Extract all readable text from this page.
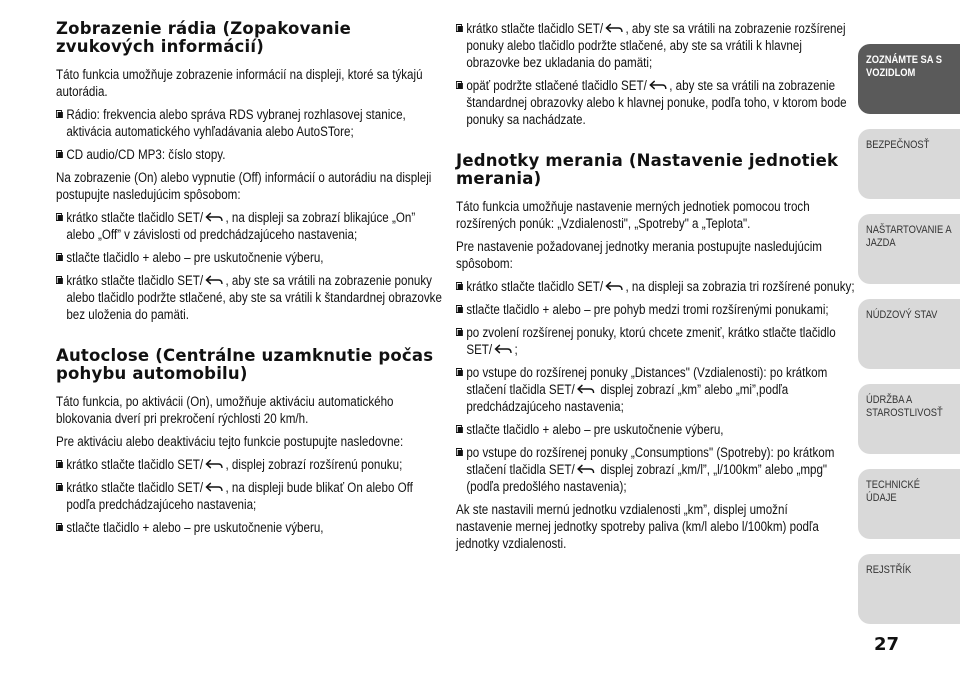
Zobrazenie rádia (Zopakovanie zvukových informácií)

Táto funkcia umožňuje zobrazenie informácií na displeji, ktoré sa týkajú autorádia.

Rádio: frekvencia alebo správa RDS vybranej rozhlasovej stanice, aktivácia automatického vyhľadávania alebo AutoSTore;
CD audio/CD MP3: číslo stopy.

Na zobrazenie (On) alebo vypnutie (Off) informácií o autorádiu na displeji postupujte nasledujúcim spôsobom:

krátko stlačte tlačidlo SET/ , na displeji sa zobrazí blikajúce „On” alebo „Off” v závislosti od predchádzajúceho nastavenia;
stlačte tlačidlo + alebo – pre uskutočnenie výberu,
krátko stlačte tlačidlo SET/ , aby ste sa vrátili na zobrazenie ponuky alebo tlačidlo podržte stlačené, aby ste sa vrátili k štandardnej obrazovke bez uloženia do pamäti.
Autoclose (Centrálne uzamknutie počas pohybu automobilu)

Táto funkcia, po aktivácii (On), umožňuje aktiváciu automatického blokovania dverí pri prekročení rýchlosti 20 km/h.

Pre aktiváciu alebo deaktiváciu tejto funkcie postupujte nasledovne:

krátko stlačte tlačidlo SET/ , displej zobrazí rozšírenú ponuku;
krátko stlačte tlačidlo SET/ , na displeji bude blikať On alebo Off podľa predchádzajúceho nastavenia;
stlačte tlačidlo + alebo – pre uskutočnenie výberu,
krátko stlačte tlačidlo SET/ , aby ste sa vrátili na zobrazenie rozšírenej ponuky alebo tlačidlo podržte stlačené, aby ste sa vrátili k hlavnej obrazovke bez ukladania do pamäti;
opäť podržte stlačené tlačidlo SET/ , aby ste sa vrátili na zobrazenie štandardnej obrazovky alebo k hlavnej ponuke, podľa toho, v ktorom bode ponuky sa nachádzate.
Jednotky merania (Nastavenie jednotiek merania)

Táto funkcia umožňuje nastavenie merných jednotiek pomocou troch rozšírených ponúk: „Vzdialenosti", „Spotreby" a „Teplota".

Pre nastavenie požadovanej jednotky merania postupujte nasledujúcim spôsobom:

krátko stlačte tlačidlo SET/ , na displeji sa zobrazia tri rozšírené ponuky;
stlačte tlačidlo + alebo – pre pohyb medzi tromi rozšírenými ponukami;
po zvolení rozšírenej ponuky, ktorú chcete zmeniť, krátko stlačte tlačidlo SET/ ;
po vstupe do rozšírenej ponuky „Distances" (Vzdialenosti): po krátkom stlačení tlačidla SET/ displej zobrazí „km” alebo „mi”,podľa predchádzajúceho nastavenia;
stlačte tlačidlo + alebo – pre uskutočnenie výberu,
po vstupe do rozšírenej ponuky „Consumptions" (Spotreby): po krátkom stlačení tlačidla SET/ displej zobrazí „km/l”, „l/100km” alebo „mpg" (podľa predošlého nastavenia);

Ak ste nastavili mernú jednotku vzdialenosti „km”, displej umožní nastavenie mernej jednotky spotreby paliva (km/l alebo l/100km) podľa jednotky vzdialenosti.

ZOZNÁMTE SA S VOZIDLOM
BEZPEČNOSŤ
NAŠTARTOVANIE A JAZDA
NÚDZOVÝ STAV
ÚDRŽBA A STAROSTLIVOSŤ
TECHNICKÉ ÚDAJE
REJSTŘÍK
27
